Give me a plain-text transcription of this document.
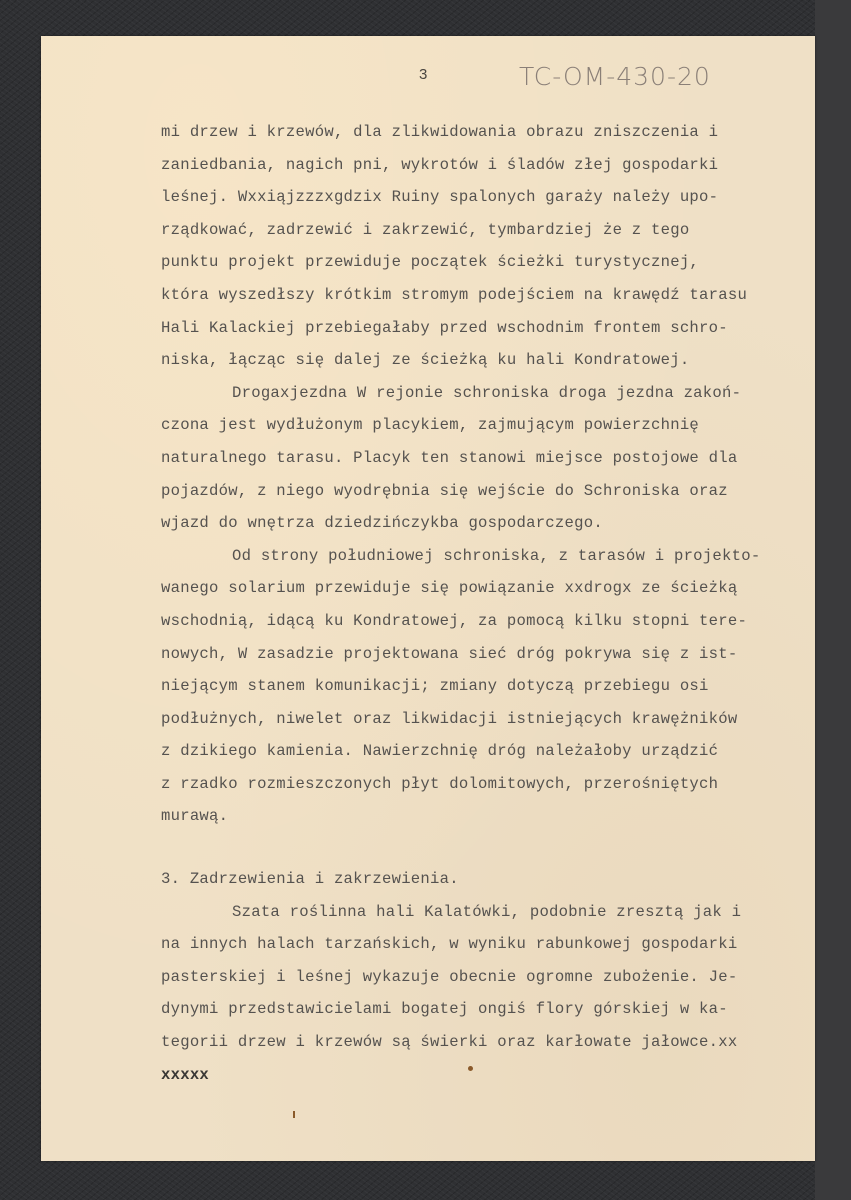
3	TC-OM-430-20
mi drzew i krzewów, dla zlikwidowania obrazu zniszczenia i
zaniedbania, nagich pni, wykrotów i śladów złej gospodarki
leśnej. Wxxiąjzzzxgdzix Ruiny spalonych garaży należy upo-
rządkować, zadrzewić i zakrzewić, tymbardziej że z tego
punktu projekt przewiduje początek ścieżki turystycznej,
która wyszedłszy krótkim stromym podejściem na krawędź tarasu
Hali Kalackiej przebiegałaby przed wschodnim frontem schro-
niska, łącząc się dalej ze ścieżką ku hali Kondratowej.
Drogaxjezdna W rejonie schroniska droga jezdna zakoń-
czona jest wydłużonym placykiem, zajmującym powierzchnię
naturalnego tarasu. Placyk ten stanowi miejsce postojowe dla
pojazdów, z niego wyodrębnia się wejście do Schroniska oraz
wjazd do wnętrza dziedzińczykba gospodarczego.
Od strony południowej schroniska, z tarasów i projekto-
wanego solarium przewiduje się powiązanie xxdrogx ze ścieżką
wschodnią, idącą ku Kondratowej, za pomocą kilku stopni tere-
nowych, W zasadzie projektowana sieć dróg pokrywa się z ist-
niejącym stanem komunikacji; zmiany dotyczą przebiegu osi
podłużnych, niwelet oraz likwidacji istniejących krawężników
z dzikiego kamienia. Nawierzchnię dróg należałoby urządzić
z rzadko rozmieszczonych płyt dolomitowych, przerośniętych
murawą.
3. Zadrzewienia i zakrzewienia.
Szata roślinna hali Kalatówki, podobnie zresztą jak i
na innych halach tarzańskich, w wyniku rabunkowej gospodarki
pasterskiej i leśnej wykazuje obecnie ogromne zubożenie. Je-
dynymi przedstawicielami bogatej ongiś flory górskiej w ka-
tegorii drzew i krzewów są świerki oraz karłowate jałowce.xx
xxxxx
